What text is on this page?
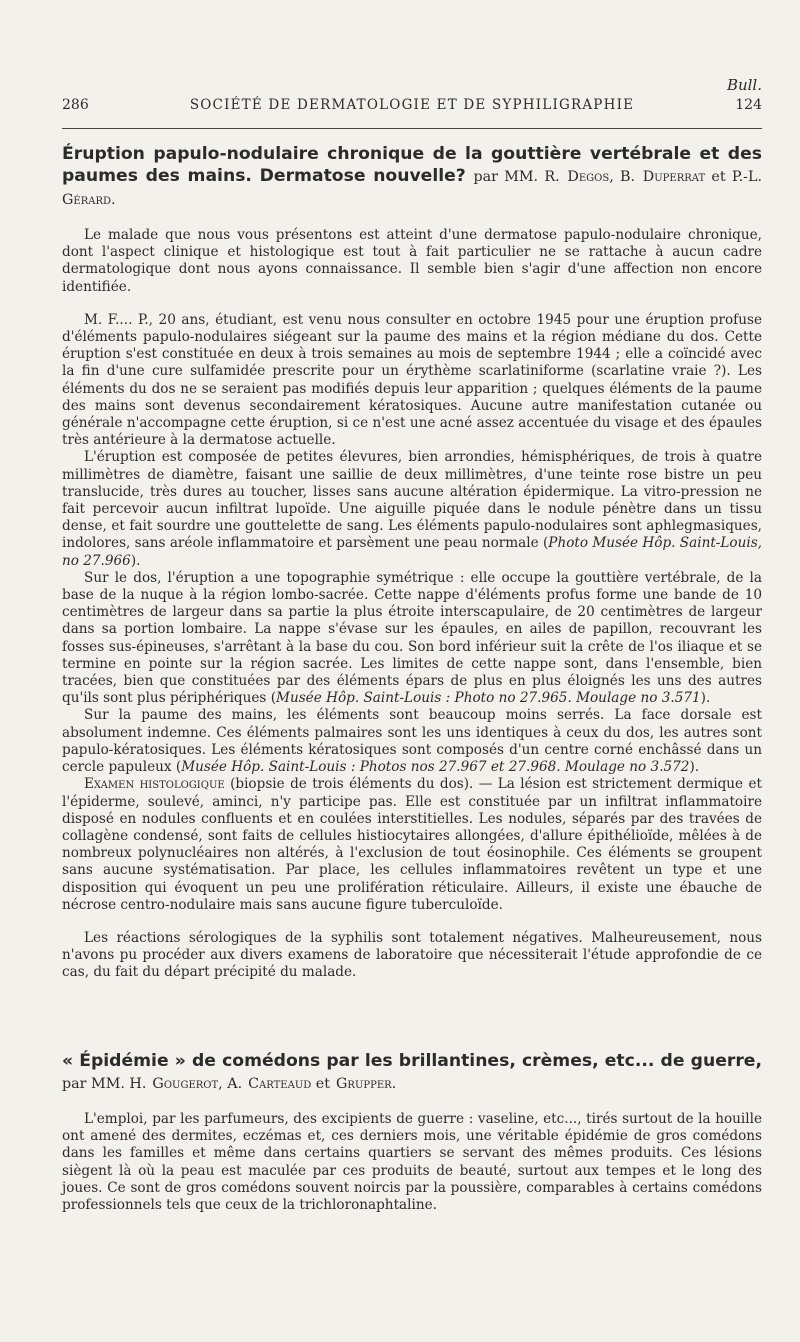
Bull.
SOCIÉTÉ DE DERMATOLOGIE ET DE SYPHILIGRAPHIE
286	124
Éruption papulo-nodulaire chronique de la gouttière vertébrale et des paumes des mains. Dermatose nouvelle? par MM. R. Degos, B. Duperrat et P.-L. Gérard.

Le malade que nous vous présentons est atteint d'une dermatose papulo-nodulaire chronique, dont l'aspect clinique et histologique est tout à fait particulier ne se rattache à aucun cadre dermatologique dont nous ayons connaissance. Il semble bien s'agir d'une affection non encore identifiée.

M. F.... P., 20 ans, étudiant, est venu nous consulter en octobre 1945 pour une éruption profuse d'éléments papulo-nodulaires siégeant sur la paume des mains et la région médiane du dos. Cette éruption s'est constituée en deux à trois semaines au mois de septembre 1944 ; elle a coïncidé avec la fin d'une cure sulfamidée prescrite pour un érythème scarlatiniforme (scarlatine vraie ?). Les éléments du dos ne se seraient pas modifiés depuis leur apparition ; quelques éléments de la paume des mains sont devenus secondairement kératosiques. Aucune autre manifestation cutanée ou générale n'accompagne cette éruption, si ce n'est une acné assez accentuée du visage et des épaules très antérieure à la dermatose actuelle.

L'éruption est composée de petites élevures, bien arrondies, hémisphériques, de trois à quatre millimètres de diamètre, faisant une saillie de deux millimètres, d'une teinte rose bistre un peu translucide, très dures au toucher, lisses sans aucune altération épidermique. La vitro-pression ne fait percevoir aucun infiltrat lupoïde. Une aiguille piquée dans le nodule pénètre dans un tissu dense, et fait sourdre une gouttelette de sang. Les éléments papulo-nodulaires sont aphlegmasiques, indolores, sans aréole inflammatoire et parsèment une peau normale (Photo Musée Hôp. Saint-Louis, no 27.966).

Sur le dos, l'éruption a une topographie symétrique : elle occupe la gouttière vertébrale, de la base de la nuque à la région lombo-sacrée. Cette nappe d'éléments profus forme une bande de 10 centimètres de largeur dans sa partie la plus étroite interscapulaire, de 20 centimètres de largeur dans sa portion lombaire. La nappe s'évase sur les épaules, en ailes de papillon, recouvrant les fosses sus-épineuses, s'arrêtant à la base du cou. Son bord inférieur suit la crête de l'os iliaque et se termine en pointe sur la région sacrée. Les limites de cette nappe sont, dans l'ensemble, bien tracées, bien que constituées par des éléments épars de plus en plus éloignés les uns des autres qu'ils sont plus périphériques (Musée Hôp. Saint-Louis : Photo no 27.965. Moulage no 3.571).

Sur la paume des mains, les éléments sont beaucoup moins serrés. La face dorsale est absolument indemne. Ces éléments palmaires sont les uns identiques à ceux du dos, les autres sont papulo-kératosiques. Les éléments kératosiques sont composés d'un centre corné enchâssé dans un cercle papuleux (Musée Hôp. Saint-Louis : Photos nos 27.967 et 27.968. Moulage no 3.572).

Examen histologique (biopsie de trois éléments du dos). — La lésion est strictement dermique et l'épiderme, soulevé, aminci, n'y participe pas. Elle est constituée par un infiltrat inflammatoire disposé en nodules confluents et en coulées interstitielles. Les nodules, séparés par des travées de collagène condensé, sont faits de cellules histiocytaires allongées, d'allure épithélioïde, mêlées à de nombreux polynucléaires non altérés, à l'exclusion de tout éosinophile. Ces éléments se groupent sans aucune systématisation. Par place, les cellules inflammatoires revêtent un type et une disposition qui évoquent un peu une prolifération réticulaire. Ailleurs, il existe une ébauche de nécrose centro-nodulaire mais sans aucune figure tuberculoïde.

Les réactions sérologiques de la syphilis sont totalement négatives. Malheureusement, nous n'avons pu procéder aux divers examens de laboratoire que nécessiterait l'étude approfondie de ce cas, du fait du départ précipité du malade.

« Épidémie » de comédons par les brillantines, crèmes, etc... de guerre, par MM. H. Gougerot, A. Carteaud et Grupper.

L'emploi, par les parfumeurs, des excipients de guerre : vaseline, etc..., tirés surtout de la houille ont amené des dermites, eczémas et, ces derniers mois, une véritable épidémie de gros comédons dans les familles et même dans certains quartiers se servant des mêmes produits. Ces lésions siègent là où la peau est maculée par ces produits de beauté, surtout aux tempes et le long des joues. Ce sont de gros comédons souvent noircis par la poussière, comparables à certains comédons professionnels tels que ceux de la trichloronaphtaline.
